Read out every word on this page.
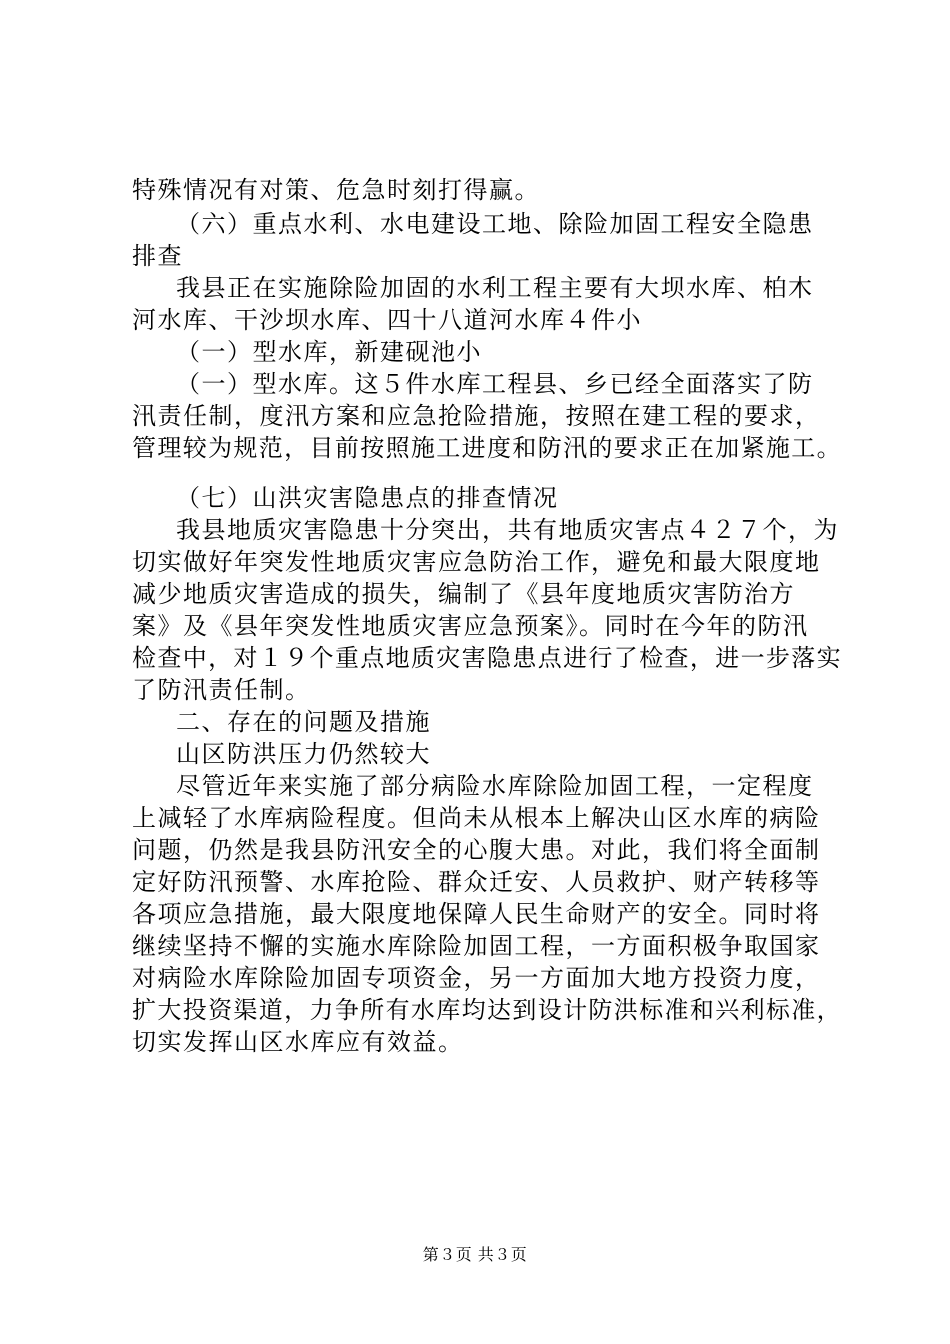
特殊情况有对策、危急时刻打得赢。
（六）重点水利、水电建设工地、除险加固工程安全隐患
排查
我县正在实施除险加固的水利工程主要有大坝水库、柏木
河水库、干沙坝水库、四十八道河水库４件小
（一）型水库，新建砚池小
（一）型水库。这５件水库工程县、乡已经全面落实了防
汛责任制，度汛方案和应急抢险措施，按照在建工程的要求，
管理较为规范，目前按照施工进度和防汛的要求正在加紧施工。
（七）山洪灾害隐患点的排查情况
我县地质灾害隐患十分突出，共有地质灾害点４２７个，为
切实做好年突发性地质灾害应急防治工作，避免和最大限度地
减少地质灾害造成的损失，编制了《县年度地质灾害防治方
案》及《县年突发性地质灾害应急预案》。同时在今年的防汛
检查中，对１９个重点地质灾害隐患点进行了检查，进一步落实
了防汛责任制。
二、存在的问题及措施
山区防洪压力仍然较大
尽管近年来实施了部分病险水库除险加固工程，一定程度
上减轻了水库病险程度。但尚未从根本上解决山区水库的病险
问题，仍然是我县防汛安全的心腹大患。对此，我们将全面制
定好防汛预警、水库抢险、群众迁安、人员救护、财产转移等
各项应急措施，最大限度地保障人民生命财产的安全。同时将
继续坚持不懈的实施水库除险加固工程，一方面积极争取国家
对病险水库除险加固专项资金，另一方面加大地方投资力度，
扩大投资渠道，力争所有水库均达到设计防洪标准和兴利标准，
切实发挥山区水库应有效益。
第３页 共３页
